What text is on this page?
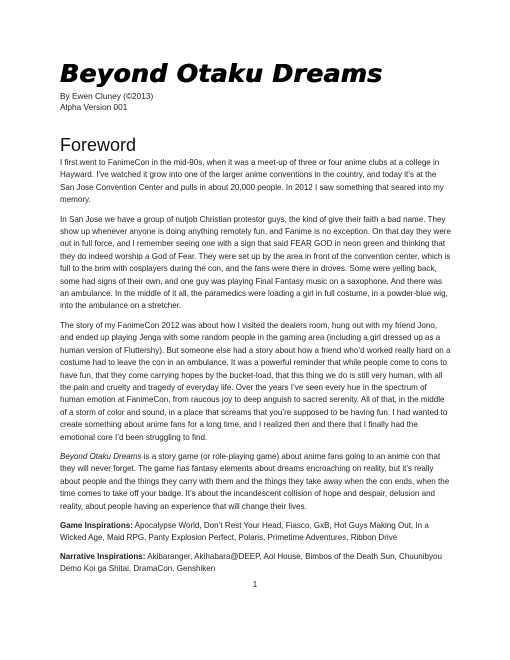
Beyond Otaku Dreams
By Ewen Cluney (©2013)
Alpha Version 001
Foreword

I first went to FanimeCon in the mid-90s, when it was a meet-up of three or four anime clubs at a college in Hayward. I’ve watched it grow into one of the larger anime conventions in the country, and today it’s at the San Jose Convention Center and pulls in about 20,000 people. In 2012 I saw something that seared into my memory.

In San Jose we have a group of nutjob Christian protestor guys, the kind of give their faith a bad name. They show up whenever anyone is doing anything remotely fun, and Fanime is no exception. On that day they were out in full force, and I remember seeing one with a sign that said FEAR GOD in neon green and thinking that they do indeed worship a God of Fear. They were set up by the area in front of the convention center, which is full to the brim with cosplayers during the con, and the fans were there in droves. Some were yelling back, some had signs of their own, and one guy was playing Final Fantasy music on a saxophone. And there was an ambulance. In the middle of it all, the paramedics were loading a girl in full costume, in a powder-blue wig, into the ambulance on a stretcher.

The story of my FanimeCon 2012 was about how I visited the dealers room, hung out with my friend Jono, and ended up playing Jenga with some random people in the gaming area (including a girl dressed up as a human version of Fluttershy). But someone else had a story about how a friend who’d worked really hard on a costume had to leave the con in an ambulance. It was a powerful reminder that while people come to cons to have fun, that they come carrying hopes by the bucket-load, that this thing we do is still very human, with all the pain and cruelty and tragedy of everyday life. Over the years I’ve seen every hue in the spectrum of human emotion at FanimeCon, from raucous joy to deep anguish to sacred serenity. All of that, in the middle of a storm of color and sound, in a place that screams that you’re supposed to be having fun. I had wanted to create something about anime fans for a long time, and I realized then and there that I finally had the emotional core I’d been struggling to find.

Beyond Otaku Dreams is a story game (or role-playing game) about anime fans going to an anime con that they will never forget. The game has fantasy elements about dreams encroaching on reality, but it’s really about people and the things they carry with them and the things they take away when the con ends, when the time comes to take off your badge. It’s about the incandescent collision of hope and despair, delusion and reality, about people having an experience that will change their lives.

Game Inspirations: Apocalypse World, Don’t Rest Your Head, Fiasco, GxB, Hot Guys Making Out, In a Wicked Age, Maid RPG, Panty Explosion Perfect, Polaris, Primetime Adventures, Ribbon Drive

Narrative Inspirations: Akibaranger, Akihabara@DEEP, Aoi House, Bimbos of the Death Sun, Chuunibyou Demo Koi ga Shitai, DramaCon, Genshiken

1
